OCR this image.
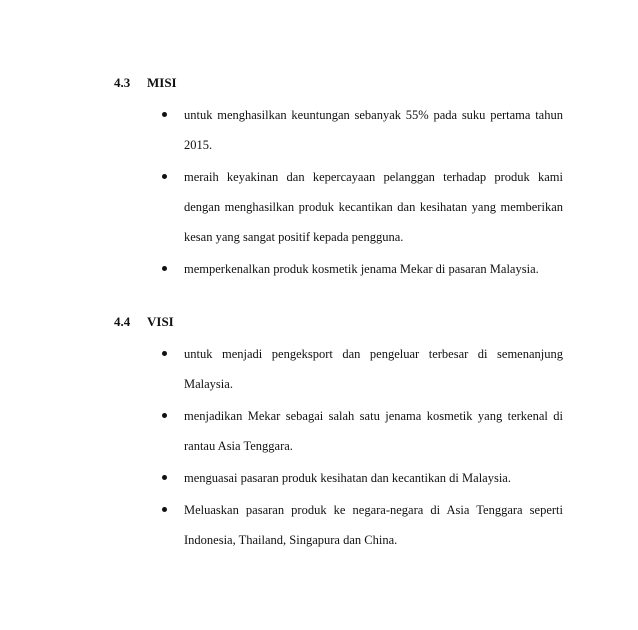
4.3 MISI
untuk menghasilkan keuntungan sebanyak 55% pada suku pertama tahun 2015.
meraih keyakinan dan kepercayaan pelanggan terhadap produk kami dengan menghasilkan produk kecantikan dan kesihatan yang memberikan kesan yang sangat positif kepada pengguna.
memperkenalkan produk kosmetik jenama Mekar di pasaran Malaysia.
4.4 VISI
untuk menjadi pengeksport dan pengeluar terbesar di semenanjung Malaysia.
menjadikan Mekar sebagai salah satu jenama kosmetik yang terkenal di rantau Asia Tenggara.
menguasai pasaran produk kesihatan dan kecantikan di Malaysia.
Meluaskan pasaran produk ke negara-negara di Asia Tenggara seperti Indonesia, Thailand, Singapura dan China.
